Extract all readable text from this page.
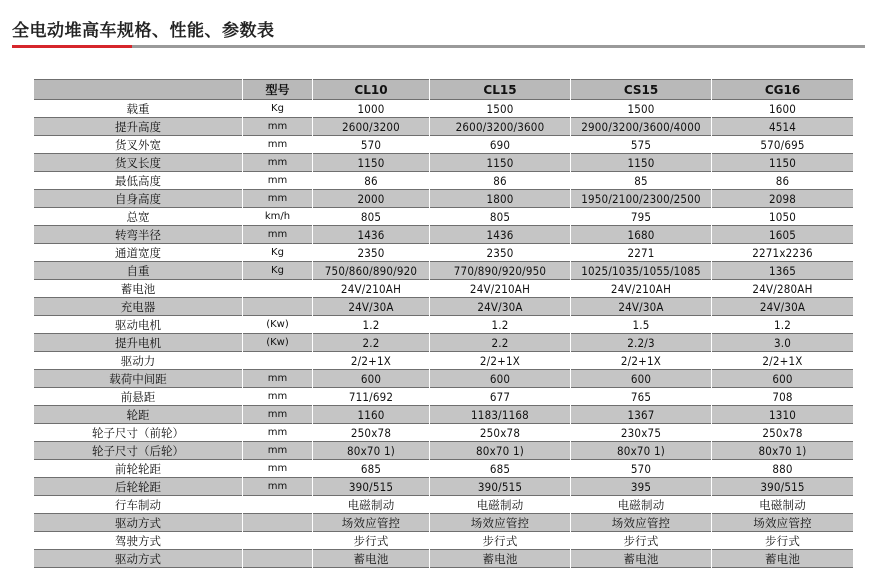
全电动堆高车规格、性能、参数表
	型号	CL10	CL15	CS15	CG16
载重	Kg	1000	1500	1500	1600
提升高度	mm	2600/3200	2600/3200/3600	2900/3200/3600/4000	4514
货叉外宽	mm	570	690	575	570/695
货叉长度	mm	1150	1150	1150	1150
最低高度	mm	86	86	85	86
自身高度	mm	2000	1800	1950/2100/2300/2500	2098
总宽	km/h	805	805	795	1050
转弯半径	mm	1436	1436	1680	1605
通道宽度	Kg	2350	2350	2271	2271x2236
自重	Kg	750/860/890/920	770/890/920/950	1025/1035/1055/1085	1365
蓄电池		24V/210AH	24V/210AH	24V/210AH	24V/280AH
充电器		24V/30A	24V/30A	24V/30A	24V/30A
驱动电机	(Kw)	1.2	1.2	1.5	1.2
提升电机	(Kw)	2.2	2.2	2.2/3	3.0
驱动力		2/2+1X	2/2+1X	2/2+1X	2/2+1X
载荷中间距	mm	600	600	600	600
前悬距	mm	711/692	677	765	708
轮距	mm	1160	1183/1168	1367	1310
轮子尺寸（前轮）	mm	250x78	250x78	230x75	250x78
轮子尺寸（后轮）	mm	80x70 1)	80x70 1)	80x70 1)	80x70 1)
前轮轮距	mm	685	685	570	880
后轮轮距	mm	390/515	390/515	395	390/515
行车制动		电磁制动	电磁制动	电磁制动	电磁制动
驱动方式		场效应管控	场效应管控	场效应管控	场效应管控
驾驶方式		步行式	步行式	步行式	步行式
驱动方式		蓄电池	蓄电池	蓄电池	蓄电池
